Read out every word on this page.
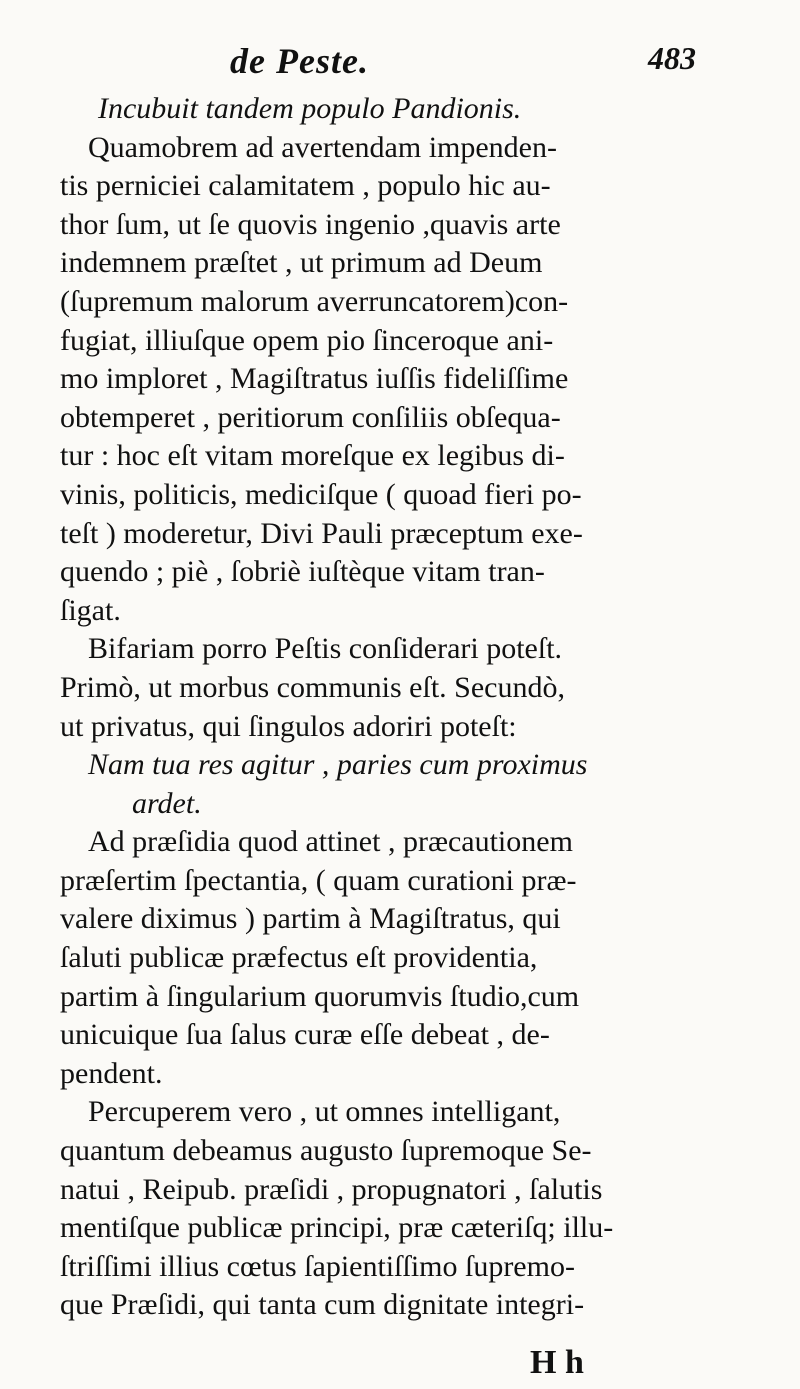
de Peste.	483
Incubuit tandem populo Pandionis.
Quamobrem ad avertendam impenden-
tis perniciei calamitatem , populo hic au-
thor ſum, ut ſe quovis ingenio ,quavis arte
indemnem præſtet , ut primum ad Deum
(ſupremum malorum averruncatorem)con-
fugiat, illiuſque opem pio ſinceroque ani-
mo imploret , Magiſtratus iuſſis fideliſſime
obtemperet , peritiorum conſiliis obſequa-
tur : hoc eſt vitam moreſque ex legibus di-
vinis, politicis, mediciſque ( quoad fieri po-
teſt ) moderetur, Divi Pauli præceptum exe-
quendo ; piè , ſobriè iuſtèque vitam tran-
ſigat.
Bifariam porro Peſtis conſiderari poteſt.
Primò, ut morbus communis eſt. Secundò,
ut privatus, qui ſingulos adoriri poteſt:
Nam tua res agitur , paries cum proximus
ardet.
Ad præſidia quod attinet , præcautionem
præſertim ſpectantia, ( quam curationi præ-
valere diximus ) partim à Magiſtratus, qui
ſaluti publicæ præfectus eſt providentia,
partim à ſingularium quorumvis ſtudio,cum
unicuique ſua ſalus curæ eſſe debeat , de-
pendent.
Percuperem vero , ut omnes intelligant,
quantum debeamus augusto ſupremoque Se-
natui , Reipub. præſidi , propugnatori , ſalutis
mentiſque publicæ principi, præ cæteriſq; illu-
ſtriſſimi illius cœtus ſapientiſſimo ſupremo-
que Præſidi, qui tanta cum dignitate integri-
H h
